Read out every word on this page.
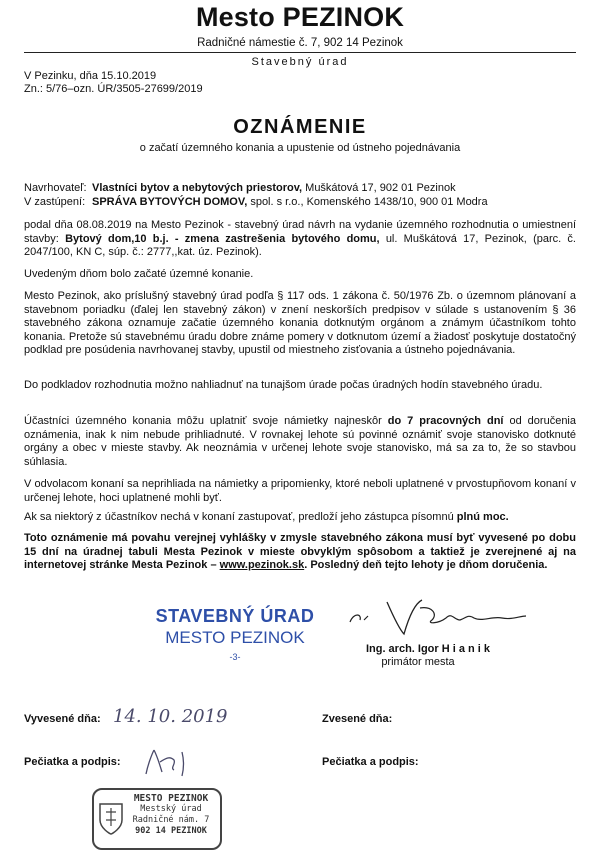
Mesto PEZINOK
Radničné námestie č. 7, 902 14 Pezinok
Stavebný úrad
V Pezinku, dňa 15.10.2019
Zn.: 5/76–ozn. ÚR/3505-27699/2019
OZNÁMENIE
o začatí územného konania a upustenie od ústneho pojednávania
Navrhovateľ: Vlastníci bytov a nebytových priestorov, Muškátová 17, 902 01 Pezinok
V zastúpení: SPRÁVA BYTOVÝCH DOMOV, spol. s r.o., Komenského 1438/10, 900 01 Modra
podal dňa 08.08.2019 na Mesto Pezinok - stavebný úrad návrh na vydanie územného rozhodnutia o umiestnení stavby: Bytový dom,10 b.j. - zmena zastrešenia bytového domu, ul. Muškátová 17, Pezinok, (parc. č. 2047/100, KN C, súp. č.: 2777,,kat. úz. Pezinok).
Uvedeným dňom bolo začaté územné konanie.
Mesto Pezinok, ako príslušný stavebný úrad podľa § 117 ods. 1 zákona č. 50/1976 Zb. o územnom plánovaní a stavebnom poriadku (ďalej len stavebný zákon) v znení neskorších predpisov v súlade s ustanovením § 36 stavebného zákona oznamuje začatie územného konania dotknutým orgánom a známym účastníkom tohto konania. Pretože sú stavebnému úradu dobre známe pomery v dotknutom území a žiadosť poskytuje dostatočný podklad pre posúdenia navrhovanej stavby, upustil od miestneho zisťovania a ústneho pojednávania.
Do podkladov rozhodnutia možno nahliadnuť na tunajšom úrade počas úradných hodín stavebného úradu.
Účastníci územného konania môžu uplatniť svoje námietky najneskôr do 7 pracovných dní od doručenia oznámenia, inak k nim nebude prihliadnuté. V rovnakej lehote sú povinné oznámiť svoje stanovisko dotknuté orgány a obec v mieste stavby. Ak neoznámia v určenej lehote svoje stanovisko, má sa za to, že so stavbou súhlasia.
V odvolacom konaní sa neprihliada na námietky a pripomienky, ktoré neboli uplatnené v prvostupňovom konaní v určenej lehote, hoci uplatnené mohli byť.
Ak sa niektorý z účastníkov nechá v konaní zastupovať, predloží jeho zástupca písomnú plnú moc.
Toto oznámenie má povahu verejnej vyhlášky v zmysle stavebného zákona musí byť vyvesené po dobu 15 dní na úradnej tabuli Mesta Pezinok v mieste obvyklým spôsobom a taktiež je zverejnené aj na internetovej stránke Mesta Pezinok – www.pezinok.sk. Posledný deň tejto lehoty je dňom doručenia.
STAVEBNÝ ÚRAD
MESTO PEZINOK
-3-
Ing. arch. Igor H i a n i k
primátor mesta
Vyvesené dňa: 14. 10. 2019	Zvesené dňa:
Pečiatka a podpis:	Pečiatka a podpis:
MESTO PEZINOK
Mestský úrad
Radničné nám. 7
902 14 PEZINOK
